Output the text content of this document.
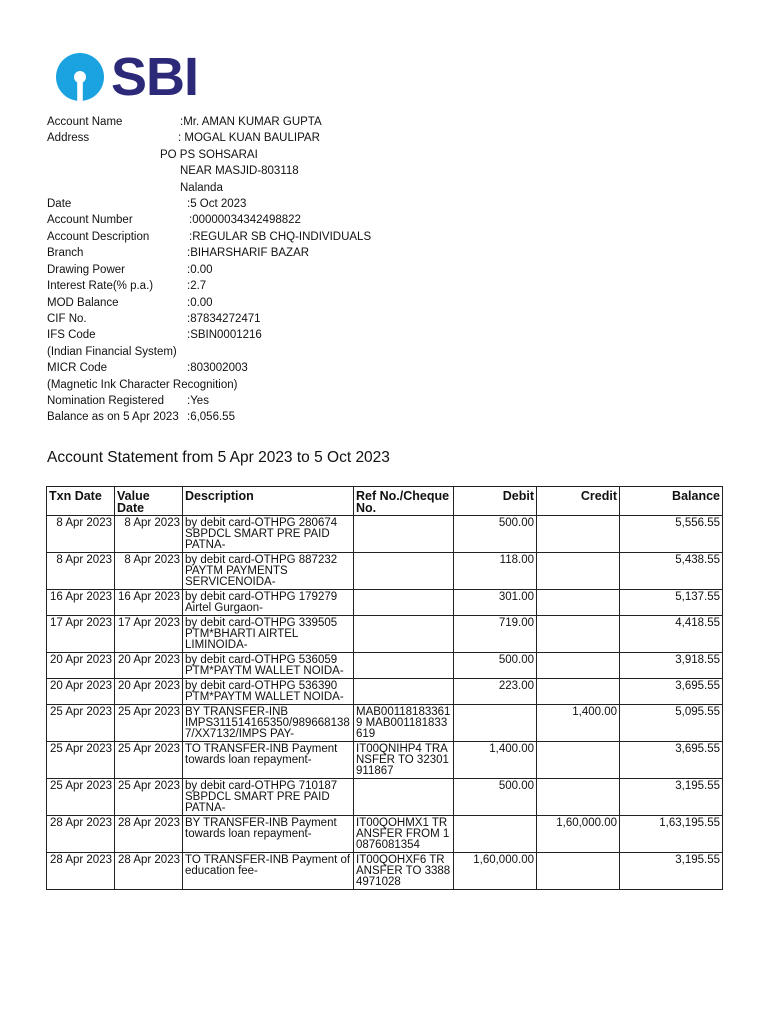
SBI
Account Name	:Mr. AMAN KUMAR GUPTA
Address	: MOGAL KUAN BAULIPAR
PO PS SOHSARAI
NEAR MASJID-803118
Nalanda
Date	:5 Oct 2023
Account Number	:00000034342498822
Account Description	:REGULAR SB CHQ-INDIVIDUALS
Branch	:BIHARSHARIF BAZAR
Drawing Power	:0.00
Interest Rate(% p.a.)	:2.7
MOD Balance	:0.00
CIF No.	:87834272471
IFS Code	:SBIN0001216
(Indian Financial System)
MICR Code	:803002003
(Magnetic Ink Character Recognition)
Nomination Registered :Yes
Balance as on 5 Apr 2023 :6,056.55
Account Statement from 5 Apr 2023 to 5 Oct 2023
Txn Date	Value Date	Description	Ref No./Cheque No.	Debit	Credit	Balance
8 Apr 2023	8 Apr 2023	by debit card-OTHPG 280674 SBPDCL SMART PRE PAID PATNA-		500.00		5,556.55
8 Apr 2023	8 Apr 2023	by debit card-OTHPG 887232 PAYTM PAYMENTS SERVICENOIDA-		118.00		5,438.55
16 Apr 2023	16 Apr 2023	by debit card-OTHPG 179279 Airtel Gurgaon-		301.00		5,137.55
17 Apr 2023	17 Apr 2023	by debit card-OTHPG 339505 PTM*BHARTI AIRTEL LIMINOIDA-		719.00		4,418.55
20 Apr 2023	20 Apr 2023	by debit card-OTHPG 536059 PTM*PAYTM WALLET NOIDA-		500.00		3,918.55
20 Apr 2023	20 Apr 2023	by debit card-OTHPG 536390 PTM*PAYTM WALLET NOIDA-		223.00		3,695.55
25 Apr 2023	25 Apr 2023	BY TRANSFER-INB IMPS311514165350/9896681387/XX7132/IMPS PAY-	MAB001181833619 MAB001181833619		1,400.00	5,095.55
25 Apr 2023	25 Apr 2023	TO TRANSFER-INB Payment towards loan repayment-	IT00QNIHP4 TRANSFER TO 32301911867	1,400.00		3,695.55
25 Apr 2023	25 Apr 2023	by debit card-OTHPG 710187 SBPDCL SMART PRE PAID PATNA-		500.00		3,195.55
28 Apr 2023	28 Apr 2023	BY TRANSFER-INB Payment towards loan repayment-	IT00QOHMX1 TRANSFER FROM 10876081354		1,60,000.00	1,63,195.55
28 Apr 2023	28 Apr 2023	TO TRANSFER-INB Payment of education fee-	IT00QOHXF6 TRANSFER TO 33884971028	1,60,000.00		3,195.55
